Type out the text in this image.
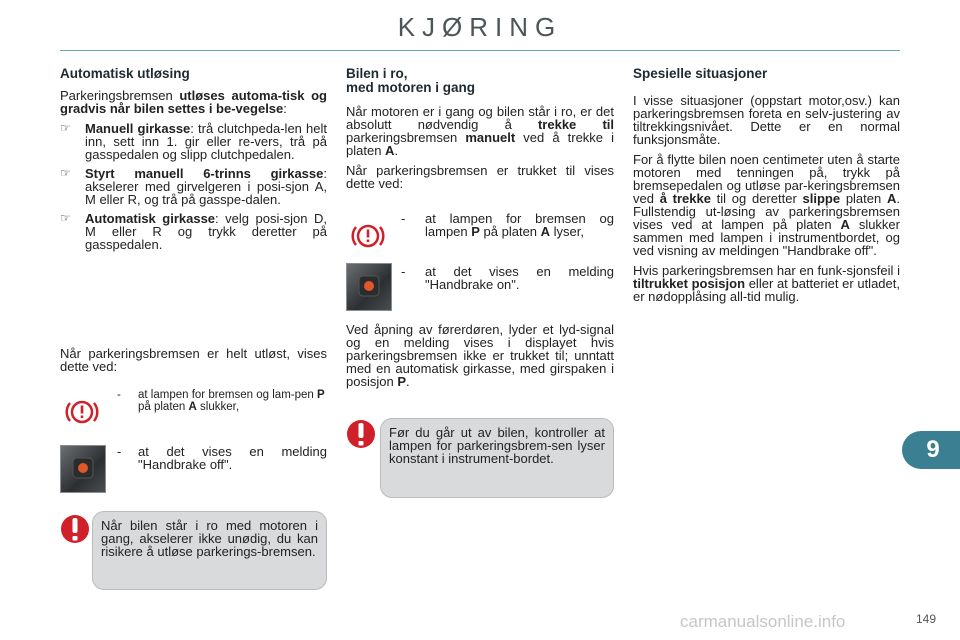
KJØRING
Automatisk utløsing

Parkeringsbremsen utløses automa-tisk og gradvis når bilen settes i be-vegelse:

☞ Manuell girkasse: trå clutchpeda-len helt inn, sett inn 1. gir eller re-vers, trå på gasspedalen og slipp clutchpedalen.
☞ Styrt manuell 6-trinns girkasse: akselerer med girvelgeren i posi-sjon A, M eller R, og trå på gasspe-dalen.
☞ Automatisk girkasse: velg posi-sjon D, M eller R og trykk deretter på gasspedalen.

Når parkeringsbremsen er helt utløst, vises dette ved:

- at lampen for bremsen og lam-pen P på platen A slukker,
- at det vises en melding "Handbrake off".
Når bilen står i ro med motoren i gang, akselerer ikke unødig, du kan risikere å utløse parkerings-bremsen.
Bilen i ro,
med motoren i gang

Når motoren er i gang og bilen står i ro, er det absolutt nødvendig å trekke til parkeringsbremsen manuelt ved å trekke i platen A.

Når parkeringsbremsen er trukket til vises dette ved:

- at lampen for bremsen og lampen P på platen A lyser,
- at det vises en melding "Handbrake on".

Ved åpning av førerdøren, lyder et lyd-signal og en melding vises i displayet hvis parkeringsbremsen ikke er trukket til; unntatt med en automatisk girkasse, med girspaken i posisjon P.

Før du går ut av bilen, kontroller at lampen for parkeringsbrem-sen lyser konstant i instrument-bordet.
Spesielle situasjoner

I visse situasjoner (oppstart motor,osv.) kan parkeringsbremsen foreta en selv-justering av tiltrekkingsnivået. Dette er en normal funksjonsmåte.

For å flytte bilen noen centimeter uten å starte motoren med tenningen på, trykk på bremsepedalen og utløse par-keringsbremsen ved å trekke til og deretter slippe platen A. Fullstendig ut-løsing av parkeringsbremsen vises ved at lampen på platen A slukker sammen med lampen i instrumentbordet, og ved visning av meldingen "Handbrake off".

Hvis parkeringsbremsen har en funk-sjonsfeil i tiltrukket posisjon eller at batteriet er utladet, er nødopplåsing all-tid mulig.

9
carmanualsonline.info	149
